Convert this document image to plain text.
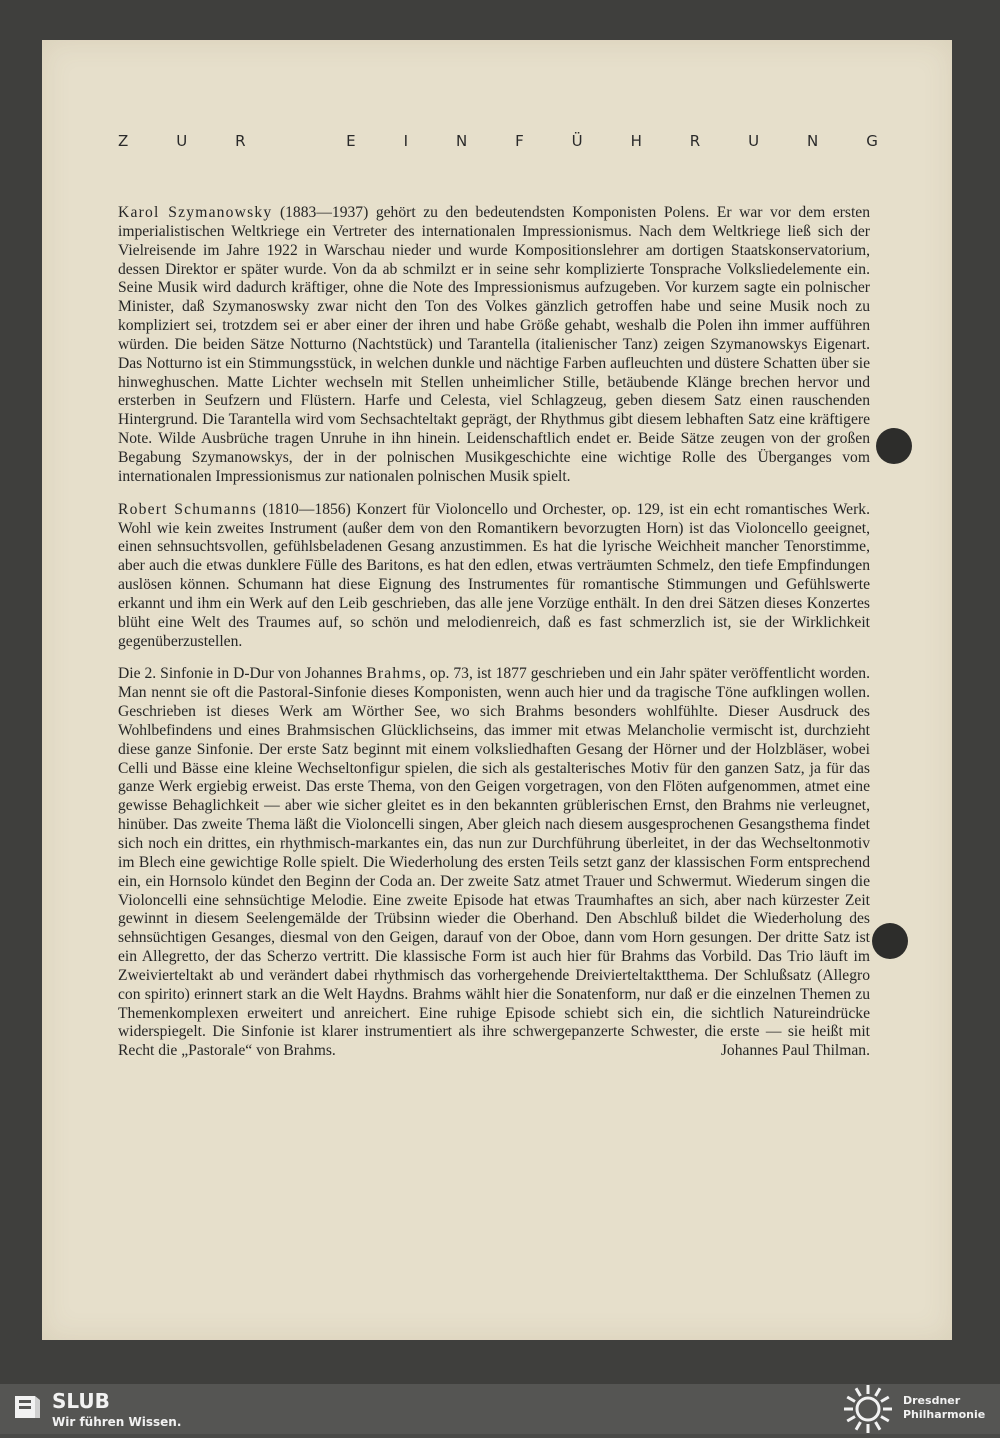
Z	U	R
	E	I	N	F	Ü	H	R	U	N	G

Karol Szymanowsky (1883—1937) gehört zu den bedeutendsten Komponisten Polens. Er war vor dem ersten imperialistischen Weltkriege ein Vertreter des internationalen Impressionismus. Nach dem Weltkriege ließ sich der Vielreisende im Jahre 1922 in Warschau nieder und wurde Kompositionslehrer am dortigen Staatskonservatorium, dessen Direktor er später wurde. Von da ab schmilzt er in seine sehr komplizierte Tonsprache Volksliedelemente ein. Seine Musik wird dadurch kräftiger, ohne die Note des Impressionismus aufzugeben. Vor kurzem sagte ein polnischer Minister, daß Szymanoswsky zwar nicht den Ton des Volkes gänzlich getroffen habe und seine Musik noch zu kompliziert sei, trotzdem sei er aber einer der ihren und habe Größe gehabt, weshalb die Polen ihn immer aufführen würden. Die beiden Sätze Notturno (Nachtstück) und Tarantella (italienischer Tanz) zeigen Szymanowskys Eigenart. Das Notturno ist ein Stimmungsstück, in welchen dunkle und nächtige Farben aufleuchten und düstere Schatten über sie hinweghuschen. Matte Lichter wechseln mit Stellen unheimlicher Stille, betäubende Klänge brechen hervor und ersterben in Seufzern und Flüstern. Harfe und Celesta, viel Schlagzeug, geben diesem Satz einen rauschenden Hintergrund. Die Tarantella wird vom Sechsachteltakt geprägt, der Rhythmus gibt diesem lebhaften Satz eine kräftigere Note. Wilde Ausbrüche tragen Unruhe in ihn hinein. Leidenschaftlich endet er. Beide Sätze zeugen von der großen Begabung Szymanowskys, der in der polnischen Musikgeschichte eine wichtige Rolle des Überganges vom internationalen Impressionismus zur nationalen polnischen Musik spielt.

Robert Schumanns (1810—1856) Konzert für Violoncello und Orchester, op. 129, ist ein echt romantisches Werk. Wohl wie kein zweites Instrument (außer dem von den Romantikern bevorzugten Horn) ist das Violoncello geeignet, einen sehnsuchtsvollen, gefühlsbeladenen Gesang anzustimmen. Es hat die lyrische Weichheit mancher Tenorstimme, aber auch die etwas dunklere Fülle des Baritons, es hat den edlen, etwas verträumten Schmelz, den tiefe Empfindungen auslösen können. Schumann hat diese Eignung des Instrumentes für romantische Stimmungen und Gefühlswerte erkannt und ihm ein Werk auf den Leib geschrieben, das alle jene Vorzüge enthält. In den drei Sätzen dieses Konzertes blüht eine Welt des Traumes auf, so schön und melodienreich, daß es fast schmerzlich ist, sie der Wirklichkeit gegenüberzustellen.

Die 2. Sinfonie in D-Dur von Johannes Brahms, op. 73, ist 1877 geschrieben und ein Jahr später veröffentlicht worden. Man nennt sie oft die Pastoral-Sinfonie dieses Komponisten, wenn auch hier und da tragische Töne aufklingen wollen. Geschrieben ist dieses Werk am Wörther See, wo sich Brahms besonders wohlfühlte. Dieser Ausdruck des Wohlbefindens und eines Brahmsischen Glücklichseins, das immer mit etwas Melancholie vermischt ist, durchzieht diese ganze Sinfonie. Der erste Satz beginnt mit einem volksliedhaften Gesang der Hörner und der Holzbläser, wobei Celli und Bässe eine kleine Wechseltonfigur spielen, die sich als gestalterisches Motiv für den ganzen Satz, ja für das ganze Werk ergiebig erweist. Das erste Thema, von den Geigen vorgetragen, von den Flöten aufgenommen, atmet eine gewisse Behaglichkeit — aber wie sicher gleitet es in den bekannten grüblerischen Ernst, den Brahms nie verleugnet, hinüber. Das zweite Thema läßt die Violoncelli singen, Aber gleich nach diesem ausgesprochenen Gesangsthema findet sich noch ein drittes, ein rhythmisch-markantes ein, das nun zur Durchführung überleitet, in der das Wechseltonmotiv im Blech eine gewichtige Rolle spielt. Die Wiederholung des ersten Teils setzt ganz der klassischen Form entsprechend ein, ein Hornsolo kündet den Beginn der Coda an. Der zweite Satz atmet Trauer und Schwermut. Wiederum singen die Violoncelli eine sehnsüchtige Melodie. Eine zweite Episode hat etwas Traumhaftes an sich, aber nach kürzester Zeit gewinnt in diesem Seelengemälde der Trübsinn wieder die Oberhand. Den Abschluß bildet die Wiederholung des sehnsüchtigen Gesanges, diesmal von den Geigen, darauf von der Oboe, dann vom Horn gesungen. Der dritte Satz ist ein Allegretto, der das Scherzo vertritt. Die klassische Form ist auch hier für Brahms das Vorbild. Das Trio läuft im Zweivierteltakt ab und verändert dabei rhythmisch das vorhergehende Dreivierteltaktthema. Der Schlußsatz (Allegro con spirito) erinnert stark an die Welt Haydns. Brahms wählt hier die Sonatenform, nur daß er die einzelnen Themen zu Themenkomplexen erweitert und anreichert. Eine ruhige Episode schiebt sich ein, die sichtlich Natureindrücke widerspiegelt. Die Sinfonie ist klarer instrumentiert als ihre schwergepanzerte Schwester, die erste — sie heißt mit Recht die „Pastorale“ von Brahms.	Johannes Paul Thilman.

SLUB
Wir führen Wissen.
Dresdner
Philharmonie
